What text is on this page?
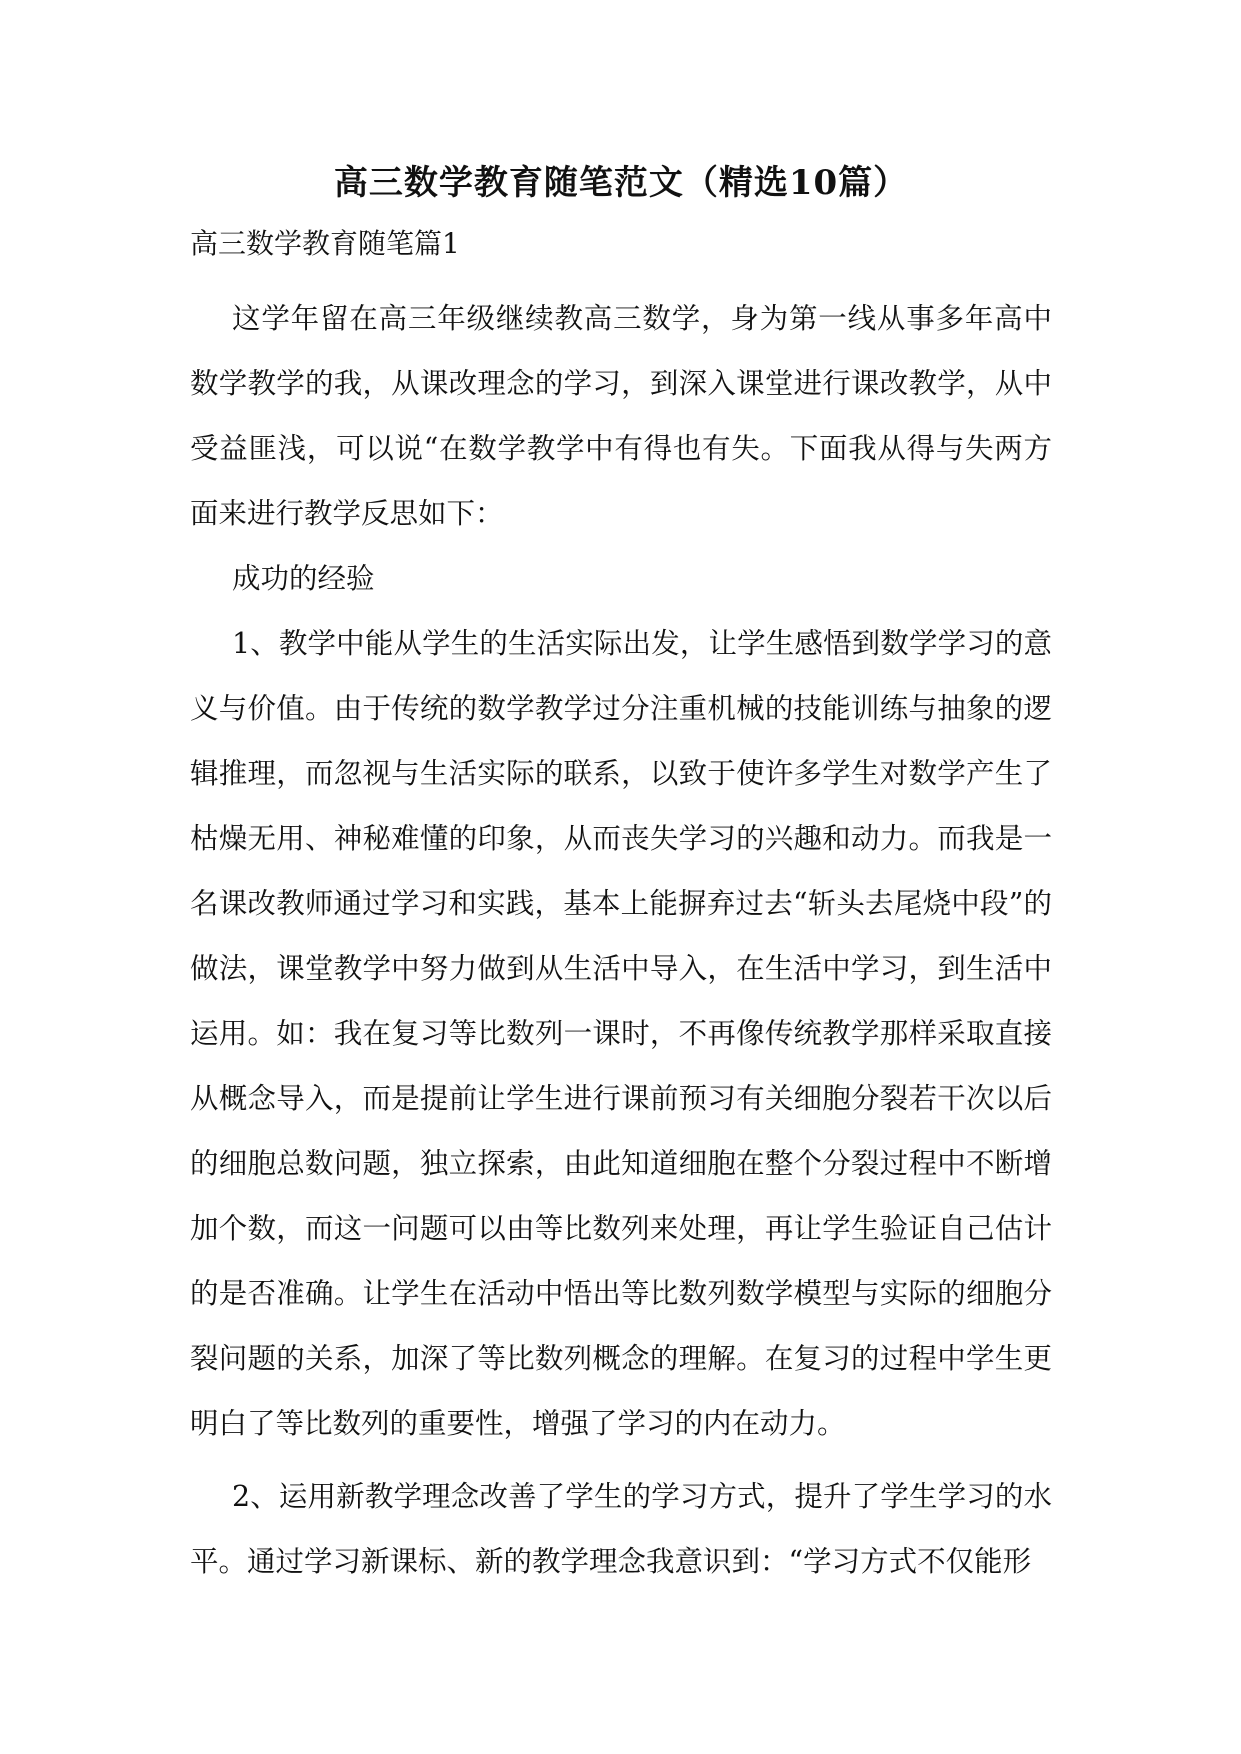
高三数学教育随笔范文（精选10篇）
高三数学教育随笔篇1

这学年留在高三年级继续教高三数学，身为第一线从事多年高中数学教学的我，从课改理念的学习，到深入课堂进行课改教学，从中受益匪浅，可以说“在数学教学中有得也有失。下面我从得与失两方面来进行教学反思如下：

成功的经验

1、教学中能从学生的生活实际出发，让学生感悟到数学学习的意义与价值。由于传统的数学教学过分注重机械的技能训练与抽象的逻辑推理，而忽视与生活实际的联系，以致于使许多学生对数学产生了枯燥无用、神秘难懂的印象，从而丧失学习的兴趣和动力。而我是一名课改教师通过学习和实践，基本上能摒弃过去“斩头去尾烧中段”的做法，课堂教学中努力做到从生活中导入，在生活中学习，到生活中运用。如：我在复习等比数列一课时，不再像传统教学那样采取直接从概念导入，而是提前让学生进行课前预习有关细胞分裂若干次以后的细胞总数问题，独立探索，由此知道细胞在整个分裂过程中不断增加个数，而这一问题可以由等比数列来处理，再让学生验证自己估计的是否准确。让学生在活动中悟出等比数列数学模型与实际的细胞分裂问题的关系，加深了等比数列概念的理解。在复习的过程中学生更明白了等比数列的重要性，增强了学习的内在动力。

2、运用新教学理念改善了学生的学习方式，提升了学生学习的水平。通过学习新课标、新的教学理念我意识到：“学习方式不仅能形
